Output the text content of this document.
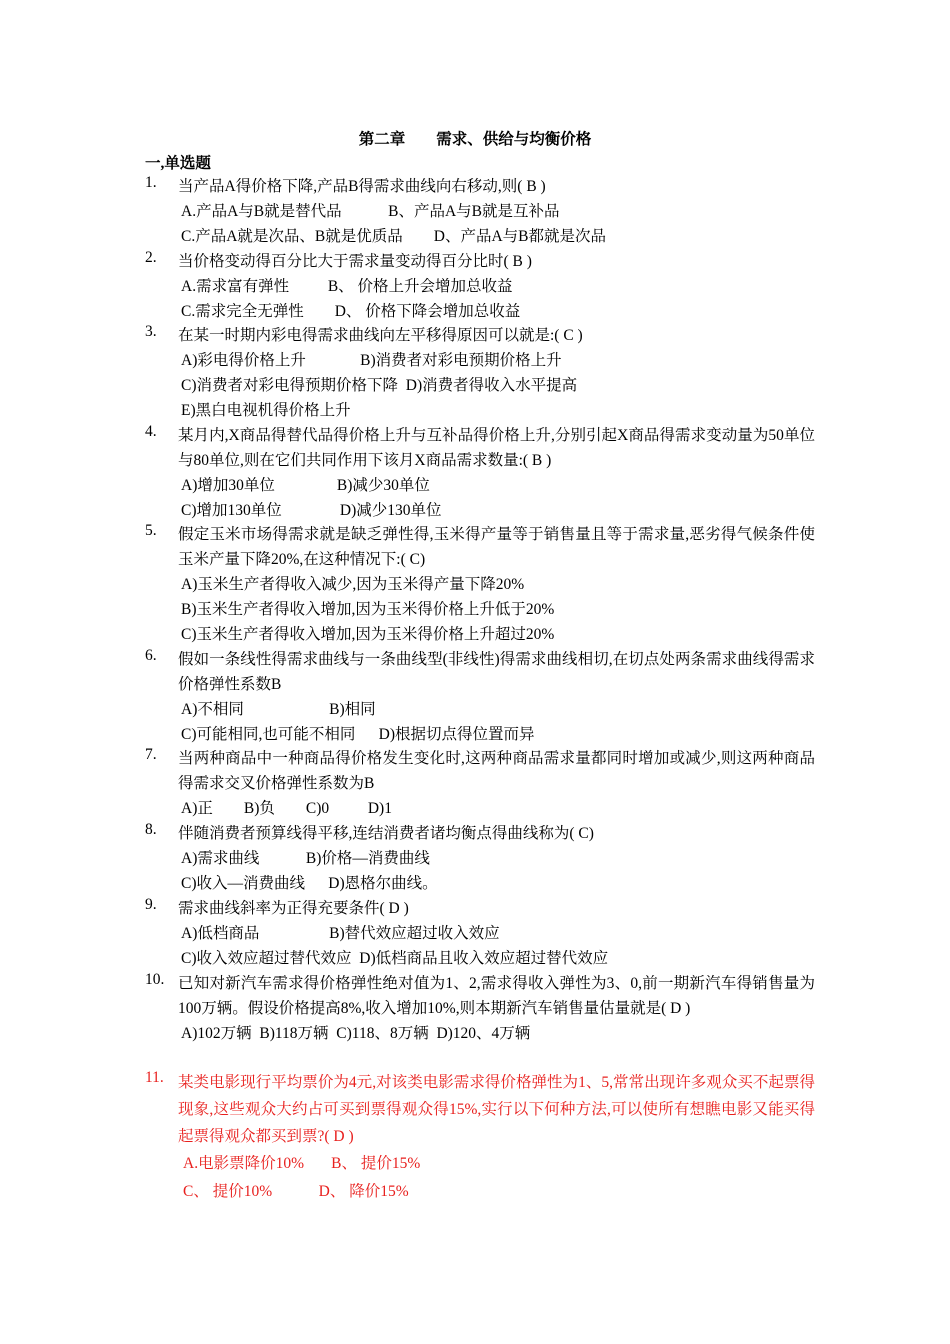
第二章　　需求、供给与均衡价格
一,单选题
1.	当产品A得价格下降,产品B得需求曲线向右移动,则( B )
A.产品A与B就是替代品            B、产品A与B就是互补品
C.产品A就是次品、B就是优质品        D、产品A与B都就是次品
2.	当价格变动得百分比大于需求量变动得百分比时( B )
A.需求富有弹性          B、 价格上升会增加总收益
C.需求完全无弹性        D、 价格下降会增加总收益
3.	在某一时期内彩电得需求曲线向左平移得原因可以就是:( C )
A)彩电得价格上升              B)消费者对彩电预期价格上升
C)消费者对彩电得预期价格下降  D)消费者得收入水平提高
E)黑白电视机得价格上升
4.	某月内,X商品得替代品得价格上升与互补品得价格上升,分别引起X商品得需求变动量为50单位与80单位,则在它们共同作用下该月X商品需求数量:( B )
A)增加30单位                B)减少30单位
C)增加130单位               D)减少130单位
5.	假定玉米市场得需求就是缺乏弹性得,玉米得产量等于销售量且等于需求量,恶劣得气候条件使玉米产量下降20%,在这种情况下:( C)
A)玉米生产者得收入减少,因为玉米得产量下降20%
B)玉米生产者得收入增加,因为玉米得价格上升低于20%
C)玉米生产者得收入增加,因为玉米得价格上升超过20%
6.	假如一条线性得需求曲线与一条曲线型(非线性)得需求曲线相切,在切点处两条需求曲线得需求价格弹性系数B
A)不相同                      B)相同
C)可能相同,也可能不相同      D)根据切点得位置而异
7.	当两种商品中一种商品得价格发生变化时,这两种商品需求量都同时增加或减少,则这两种商品得需求交叉价格弹性系数为B
A)正        B)负        C)0          D)1
8.	伴随消费者预算线得平移,连结消费者诸均衡点得曲线称为( C)
A)需求曲线            B)价格—消费曲线
C)收入—消费曲线      D)恩格尔曲线。
9.	需求曲线斜率为正得充要条件( D )
A)低档商品                  B)替代效应超过收入效应
C)收入效应超过替代效应  D)低档商品且收入效应超过替代效应
10. 已知对新汽车需求得价格弹性绝对值为1、2,需求得收入弹性为3、0,前一期新汽车得销售量为100万辆。假设价格提高8%,收入增加10%,则本期新汽车销售量估量就是( D )
A)102万辆  B)118万辆  C)118、8万辆  D)120、4万辆
11. 某类电影现行平均票价为4元,对该类电影需求得价格弹性为1、5,常常出现许多观众买不起票得现象,这些观众大约占可买到票得观众得15%,实行以下何种方法,可以使所有想瞧电影又能买得起票得观众都买到票?( D )
A.电影票降价10%       B、 提价15%
C、 提价10%            D、 降价15%
